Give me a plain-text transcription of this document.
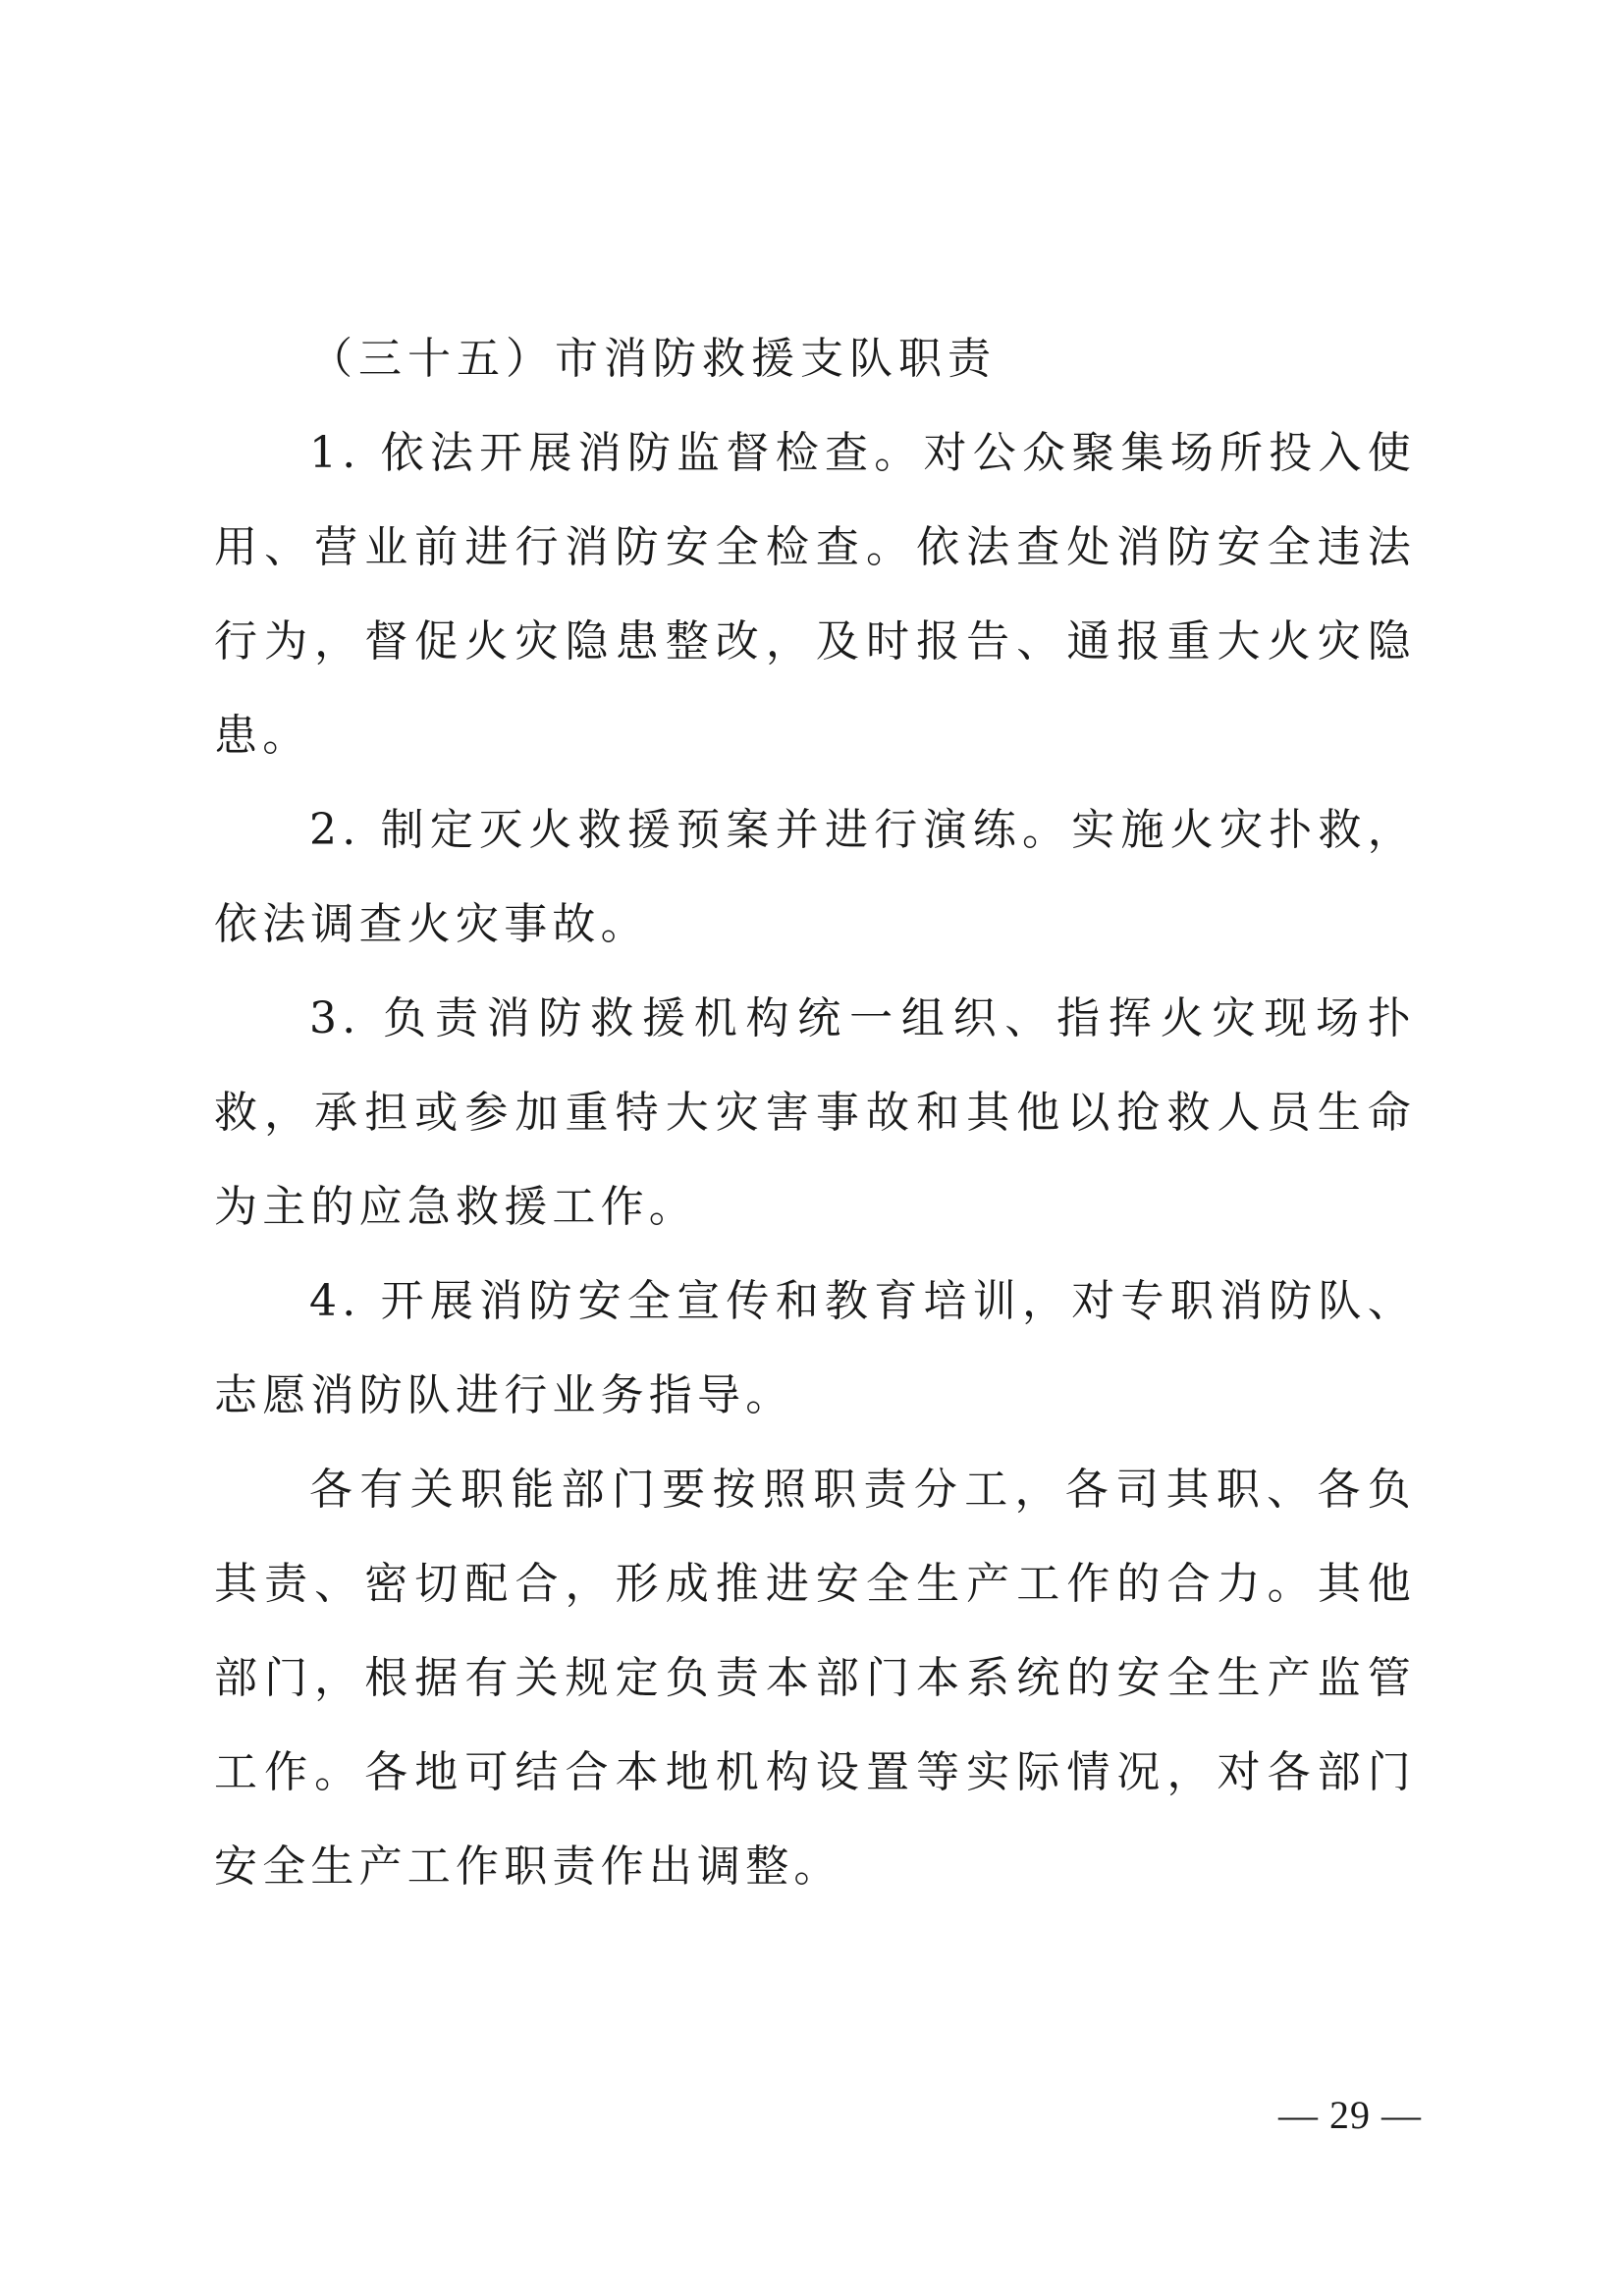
（三十五）市消防救援支队职责

1. 依法开展消防监督检查。对公众聚集场所投入使用、营业前进行消防安全检查。依法查处消防安全违法行为，督促火灾隐患整改，及时报告、通报重大火灾隐患。

2. 制定灭火救援预案并进行演练。实施火灾扑救，依法调查火灾事故。

3. 负责消防救援机构统一组织、指挥火灾现场扑救，承担或参加重特大灾害事故和其他以抢救人员生命为主的应急救援工作。

4. 开展消防安全宣传和教育培训，对专职消防队、志愿消防队进行业务指导。

各有关职能部门要按照职责分工，各司其职、各负其责、密切配合，形成推进安全生产工作的合力。其他部门，根据有关规定负责本部门本系统的安全生产监管工作。各地可结合本地机构设置等实际情况，对各部门安全生产工作职责作出调整。

— 29 —
